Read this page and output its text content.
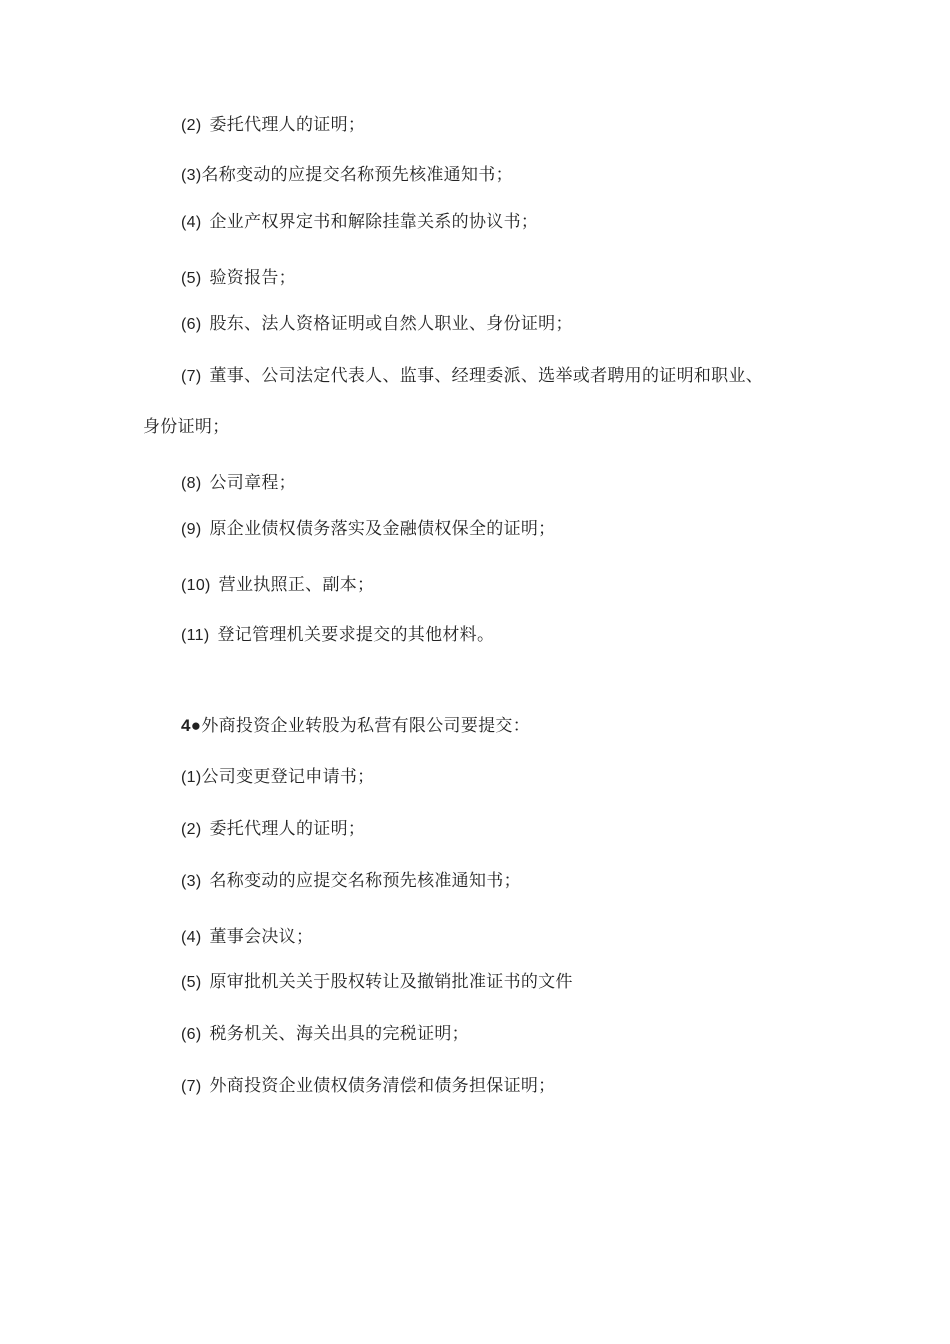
(2) 委托代理人的证明；
(3)名称变动的应提交名称预先核准通知书；
(4) 企业产权界定书和解除挂靠关系的协议书；
(5) 验资报告；
(6) 股东、法人资格证明或自然人职业、身份证明；
(7) 董事、公司法定代表人、监事、经理委派、选举或者聘用的证明和职业、
身份证明；
(8) 公司章程；
(9) 原企业债权债务落实及金融债权保全的证明；
(10) 营业执照正、副本；
(11) 登记管理机关要求提交的其他材料。
4●外商投资企业转股为私营有限公司要提交：
(1)公司变更登记申请书；
(2) 委托代理人的证明；
(3) 名称变动的应提交名称预先核准通知书；
(4) 董事会决议；
(5) 原审批机关关于股权转让及撤销批准证书的文件
(6) 税务机关、海关出具的完税证明；
(7) 外商投资企业债权债务清偿和债务担保证明；
